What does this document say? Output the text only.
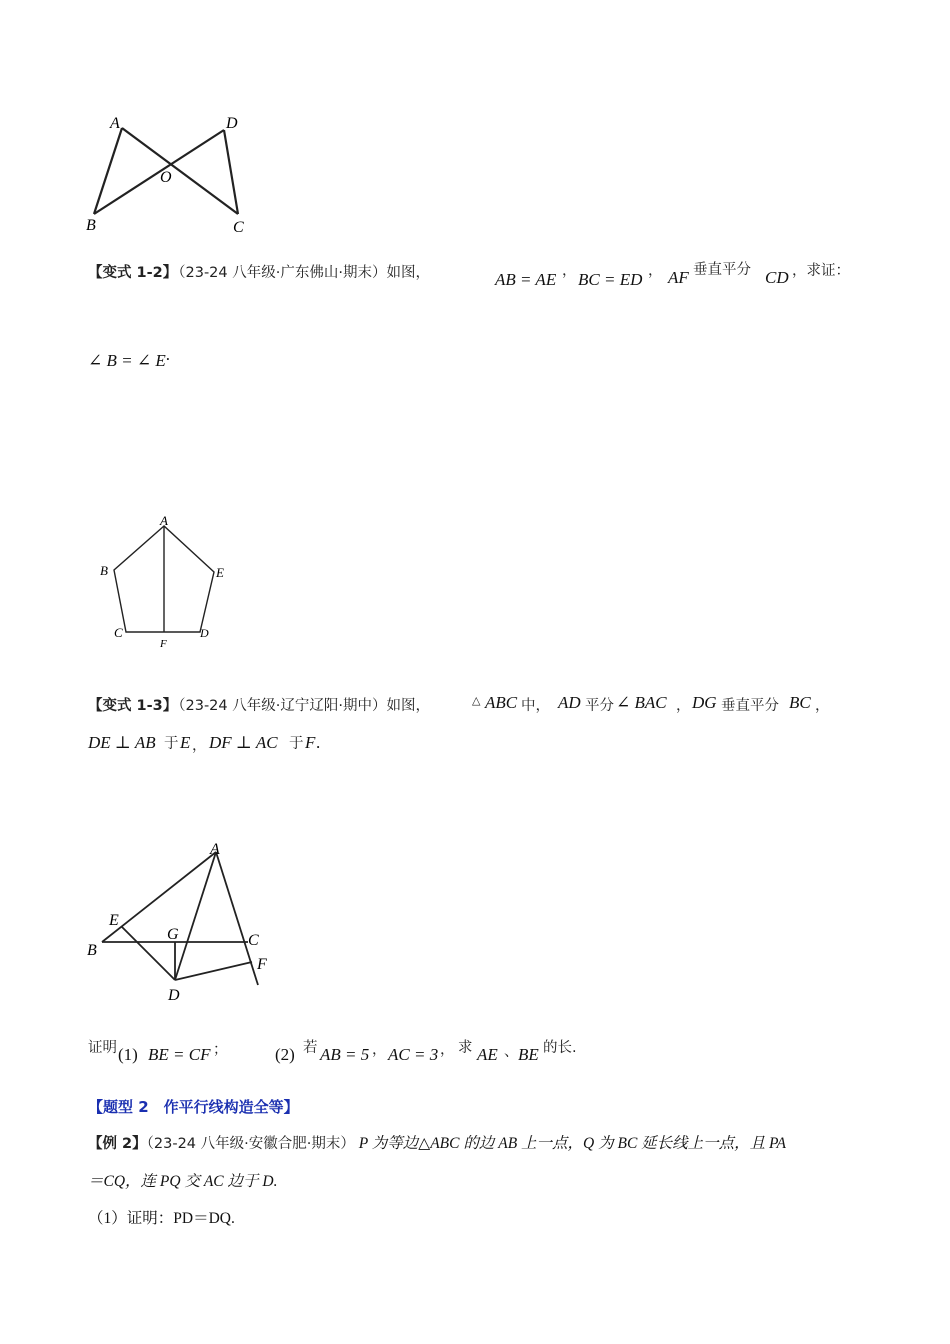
A	D
O
B	C
【变式 1-2】
（23-24 八年级·广东佛山·期末）如图，	AB = AE ， BC = ED ， AF 垂直平分 CD ，求证：
∠ B = ∠ E.
A
B	E
C
F
D
【变式 1-3】
（23-24 八年级·辽宁辽阳·期中）如图，	△ ABC 中， AD 平分 ∠ BAC ， DG 垂直平分 BC ，
DE ⊥ AB 于 E ， DF ⊥ AC 于 F .
A
E
G	C
B
F
D
证明 (1) BE = CF ；	(2) 若 AB = 5 ， AC = 3 ， 求 AE 、 BE 的长.
【题型 2　作平行线构造全等】
【例 2】（23-24 八年级·安徽合肥·期末） P 为等边△ABC 的边 AB 上一点，Q 为 BC 延长线上一点，且 PA
＝CQ，连 PQ 交 AC 边于 D.
（1）证明：PD＝DQ.
